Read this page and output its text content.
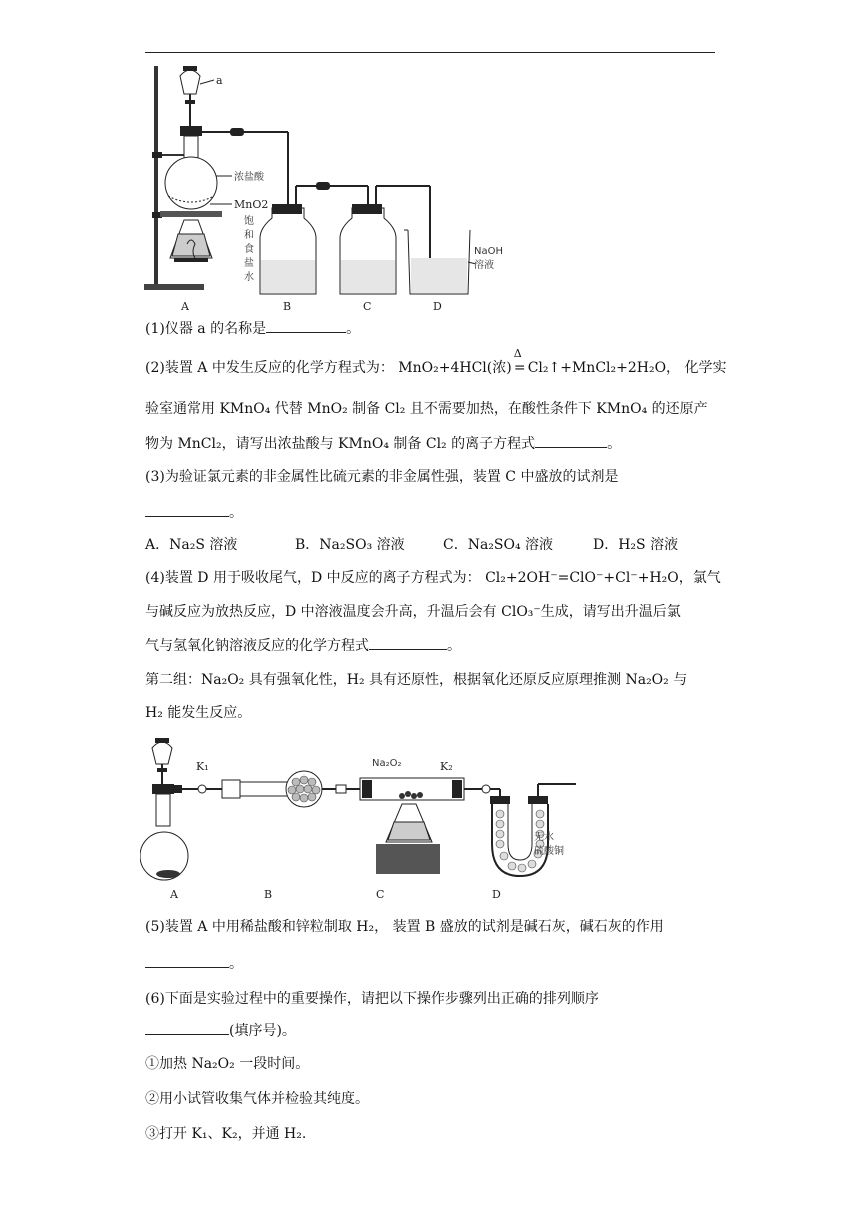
a
浓盐酸
MnO2
NaOH
溶液
饱
和
食
盐
水
A	B	C	D
(1)仪器 a 的名称是	。
(2)装置 A 中发生反应的化学方程式为： MnO₂+4HCl(浓)
Δ
= Cl₂↑+MnCl₂+2H₂O， 化学实
验室通常用 KMnO₄ 代替 MnO₂ 制备 Cl₂ 且不需要加热，在酸性条件下 KMnO₄ 的还原产
物为 MnCl₂，请写出浓盐酸与 KMnO₄ 制备 Cl₂ 的离子方程式	。
(3)为验证氯元素的非金属性比硫元素的非金属性强，装置 C 中盛放的试剂是
。
A．Na₂S 溶液	B．Na₂SO₃ 溶液	C．Na₂SO₄ 溶液	D．H₂S 溶液
(4)装置 D 用于吸收尾气，D 中反应的离子方程式为： Cl₂+2OH⁻=ClO⁻+Cl⁻+H₂O，氯气
与碱反应为放热反应，D 中溶液温度会升高，升温后会有 ClO₃⁻生成，请写出升温后氯
气与氢氧化钠溶液反应的化学方程式	。
第二组：Na₂O₂ 具有强氧化性，H₂ 具有还原性，根据氧化还原反应原理推测 Na₂O₂ 与
H₂ 能发生反应。
K₁	Na₂O₂	K₂
无水
硫酸铜
A	B	C	D
(5)装置 A 中用稀盐酸和锌粒制取 H₂， 装置 B 盛放的试剂是碱石灰，碱石灰的作用
。
(6)下面是实验过程中的重要操作，请把以下操作步骤列出正确的排列顺序
(填序号)。
①加热 Na₂O₂ 一段时间。
②用小试管收集气体并检验其纯度。
③打开 K₁、K₂，并通 H₂.
